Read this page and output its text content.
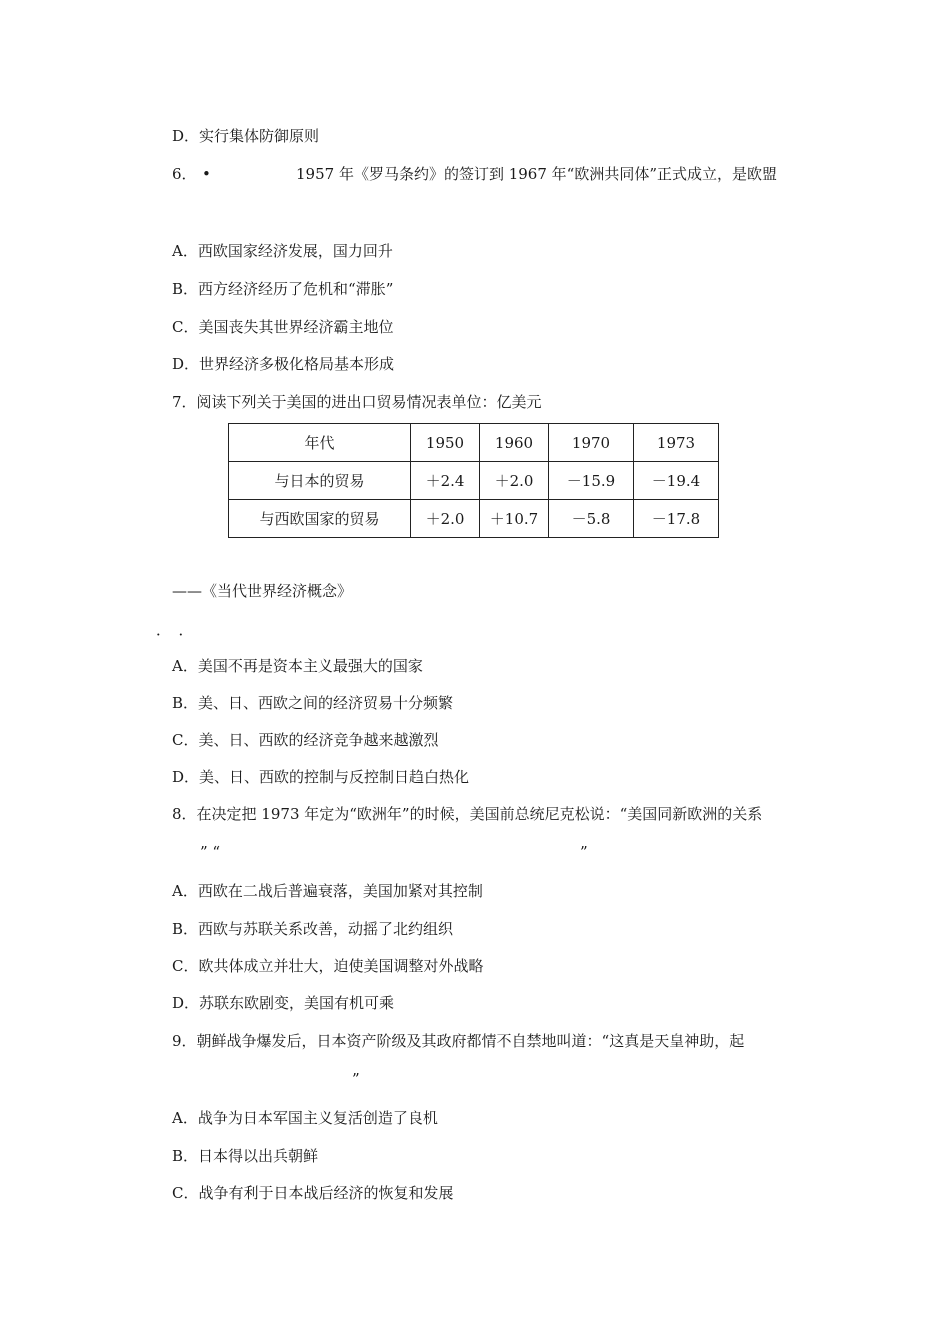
D．实行集体防御原则
6． •	1957 年《罗马条约》的签订到 1967 年“欧洲共同体”正式成立，是欧盟
A．西欧国家经济发展，国力回升
B．西方经济经历了危机和“滞胀”
C．美国丧失其世界经济霸主地位
D．世界经济多极化格局基本形成
7．阅读下列关于美国的进出口贸易情况表单位：亿美元
年代	1950	1960	1970	1973
与日本的贸易	＋2.4	＋2.0	－15.9	－19.4
与西欧国家的贸易	＋2.0	＋10.7	－5.8	－17.8
——《当代世界经济概念》
．　．
A．美国不再是资本主义最强大的国家
B．美、日、西欧之间的经济贸易十分频繁
C．美、日、西欧的经济竞争越来越激烈
D．美、日、西欧的控制与反控制日趋白热化
8．在决定把 1973 年定为“欧洲年”的时候，美国前总统尼克松说：“美国同新欧洲的关系
” “	”
A．西欧在二战后普遍衰落，美国加紧对其控制
B．西欧与苏联关系改善，动摇了北约组织
C．欧共体成立并壮大，迫使美国调整对外战略
D．苏联东欧剧变，美国有机可乘
9．朝鲜战争爆发后，日本资产阶级及其政府都情不自禁地叫道：“这真是天皇神助，起
”
A．战争为日本军国主义复活创造了良机
B．日本得以出兵朝鲜
C．战争有利于日本战后经济的恢复和发展
